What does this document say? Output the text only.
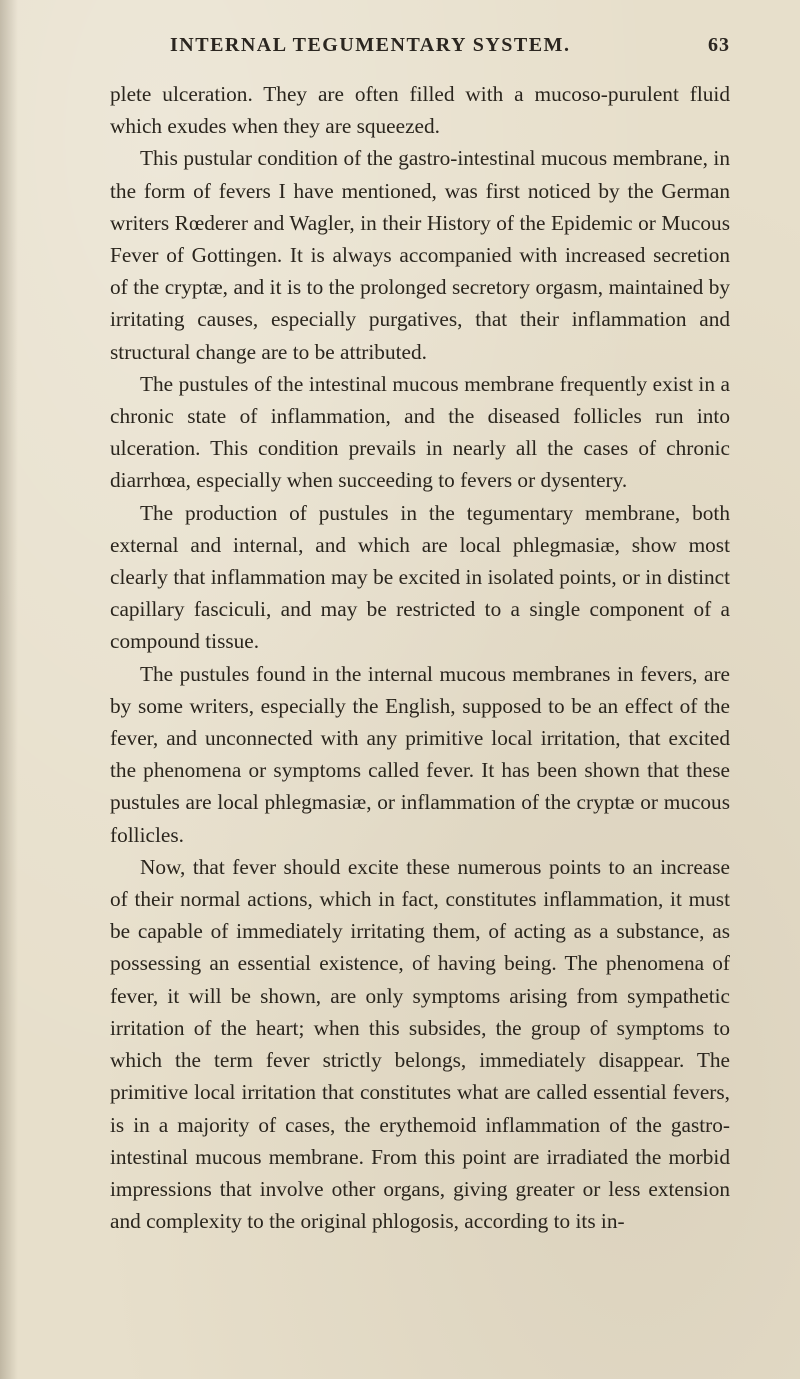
INTERNAL TEGUMENTARY SYSTEM.	63

plete ulceration. They are often filled with a mucoso-purulent fluid which exudes when they are squeezed.

This pustular condition of the gastro-intestinal mucous membrane, in the form of fevers I have mentioned, was first noticed by the German writers Rœderer and Wagler, in their History of the Epidemic or Mucous Fever of Gottingen. It is always accompanied with increased secretion of the cryptæ, and it is to the prolonged secretory orgasm, maintained by irritating causes, especially purgatives, that their inflammation and structural change are to be attributed.

The pustules of the intestinal mucous membrane frequently exist in a chronic state of inflammation, and the diseased follicles run into ulceration. This condition prevails in nearly all the cases of chronic diarrhœa, especially when succeeding to fevers or dysentery.

The production of pustules in the tegumentary membrane, both external and internal, and which are local phlegmasiæ, show most clearly that inflammation may be excited in isolated points, or in distinct capillary fasciculi, and may be restricted to a single component of a compound tissue.

The pustules found in the internal mucous membranes in fevers, are by some writers, especially the English, supposed to be an effect of the fever, and unconnected with any primitive local irritation, that excited the phenomena or symptoms called fever. It has been shown that these pustules are local phlegmasiæ, or inflammation of the cryptæ or mucous follicles.

Now, that fever should excite these numerous points to an increase of their normal actions, which in fact, constitutes inflammation, it must be capable of immediately irritating them, of acting as a substance, as possessing an essential existence, of having being. The phenomena of fever, it will be shown, are only symptoms arising from sympathetic irritation of the heart; when this subsides, the group of symptoms to which the term fever strictly belongs, immediately disappear. The primitive local irritation that constitutes what are called essential fevers, is in a majority of cases, the erythemoid inflammation of the gastro-intestinal mucous membrane. From this point are irradiated the morbid impressions that involve other organs, giving greater or less extension and complexity to the original phlogosis, according to its in-
